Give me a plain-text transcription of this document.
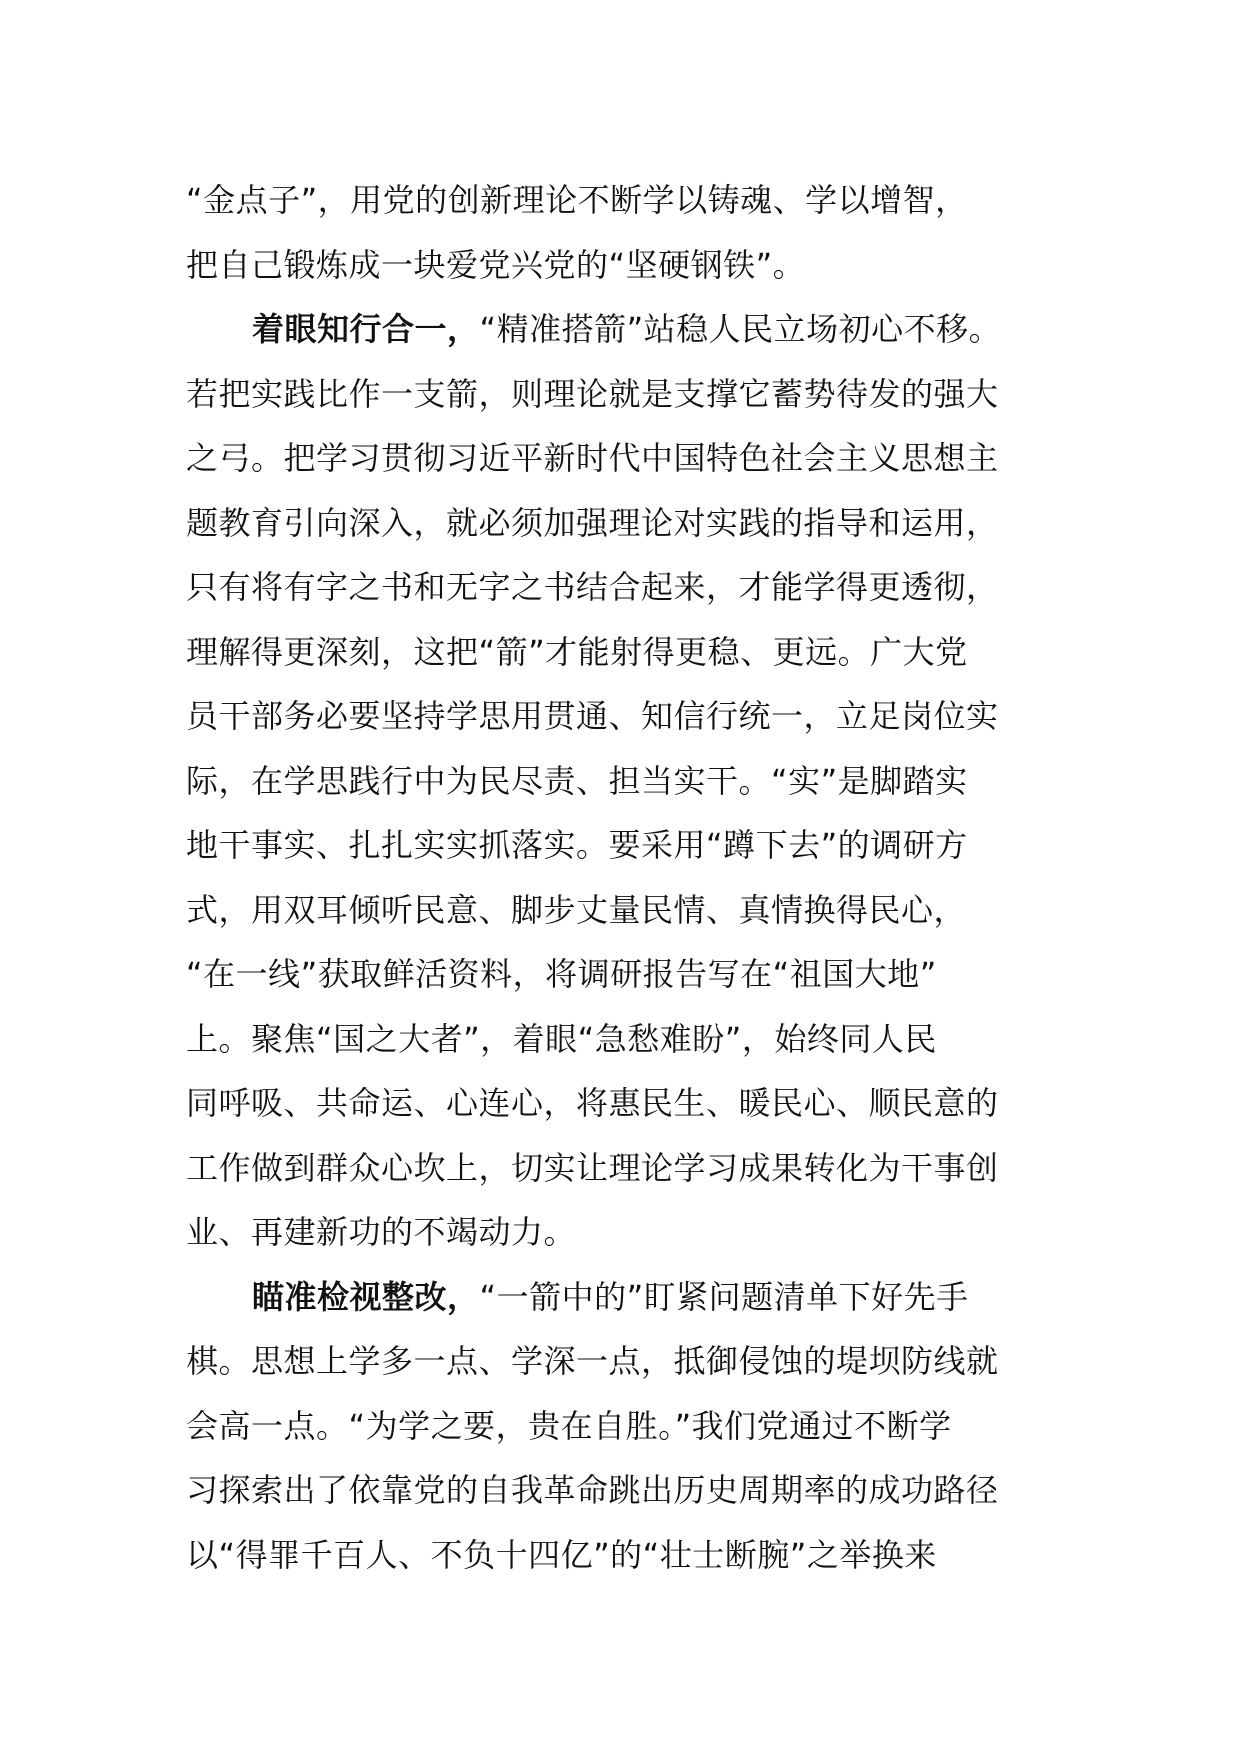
“金点子”，用党的创新理论不断学以铸魂、学以增智，
把自己锻炼成一块爱党兴党的“坚硬钢铁”。
着眼知行合一，“精准搭箭”站稳人民立场初心不移。
若把实践比作一支箭，则理论就是支撑它蓄势待发的强大
之弓。把学习贯彻习近平新时代中国特色社会主义思想主
题教育引向深入，就必须加强理论对实践的指导和运用，
只有将有字之书和无字之书结合起来，才能学得更透彻，
理解得更深刻，这把“箭”才能射得更稳、更远。广大党
员干部务必要坚持学思用贯通、知信行统一，立足岗位实
际，在学思践行中为民尽责、担当实干。“实”是脚踏实
地干事实、扎扎实实抓落实。要采用“蹲下去”的调研方
式，用双耳倾听民意、脚步丈量民情、真情换得民心，
“在一线”获取鲜活资料，将调研报告写在“祖国大地”
上。聚焦“国之大者”，着眼“急愁难盼”，始终同人民
同呼吸、共命运、心连心，将惠民生、暖民心、顺民意的
工作做到群众心坎上，切实让理论学习成果转化为干事创
业、再建新功的不竭动力。
瞄准检视整改，“一箭中的”盯紧问题清单下好先手
棋。思想上学多一点、学深一点，抵御侵蚀的堤坝防线就
会高一点。“为学之要，贵在自胜。”我们党通过不断学
习探索出了依靠党的自我革命跳出历史周期率的成功路径
以“得罪千百人、不负十四亿”的“壮士断腕”之举换来
